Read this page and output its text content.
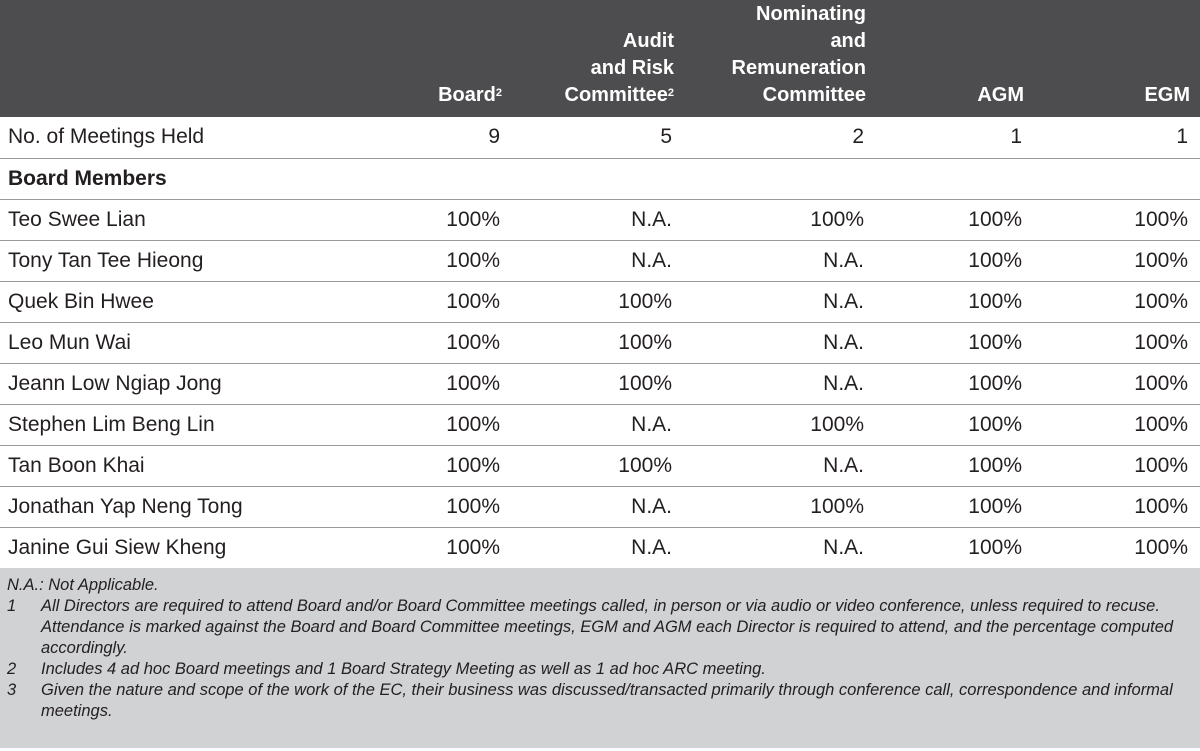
	Board$^2$	Audit
and Risk
Committee$^2$	Nominating
and
Remuneration
Committee	AGM	EGM
No. of Meetings Held	9	5	2	1	1
Board Members					
Teo Swee Lian	100%	N.A.	100%	100%	100%
Tony Tan Tee Hieong	100%	N.A.	N.A.	100%	100%
Quek Bin Hwee	100%	100%	N.A.	100%	100%
Leo Mun Wai	100%	100%	N.A.	100%	100%
Jeann Low Ngiap Jong	100%	100%	N.A.	100%	100%
Stephen Lim Beng Lin	100%	N.A.	100%	100%	100%
Tan Boon Khai	100%	100%	N.A.	100%	100%
Jonathan Yap Neng Tong	100%	N.A.	100%	100%	100%
Janine Gui Siew Kheng	100%	N.A.	N.A.	100%	100%
N.A.: Not Applicable.
1	All Directors are required to attend Board and/or Board Committee meetings called, in person or via audio or video conference, unless required to recuse. Attendance is marked against the Board and Board Committee meetings, EGM and AGM each Director is required to attend, and the percentage computed accordingly.
2	Includes 4 ad hoc Board meetings and 1 Board Strategy Meeting as well as 1 ad hoc ARC meeting.
3	Given the nature and scope of the work of the EC, their business was discussed/transacted primarily through conference call, correspondence and informal meetings.
